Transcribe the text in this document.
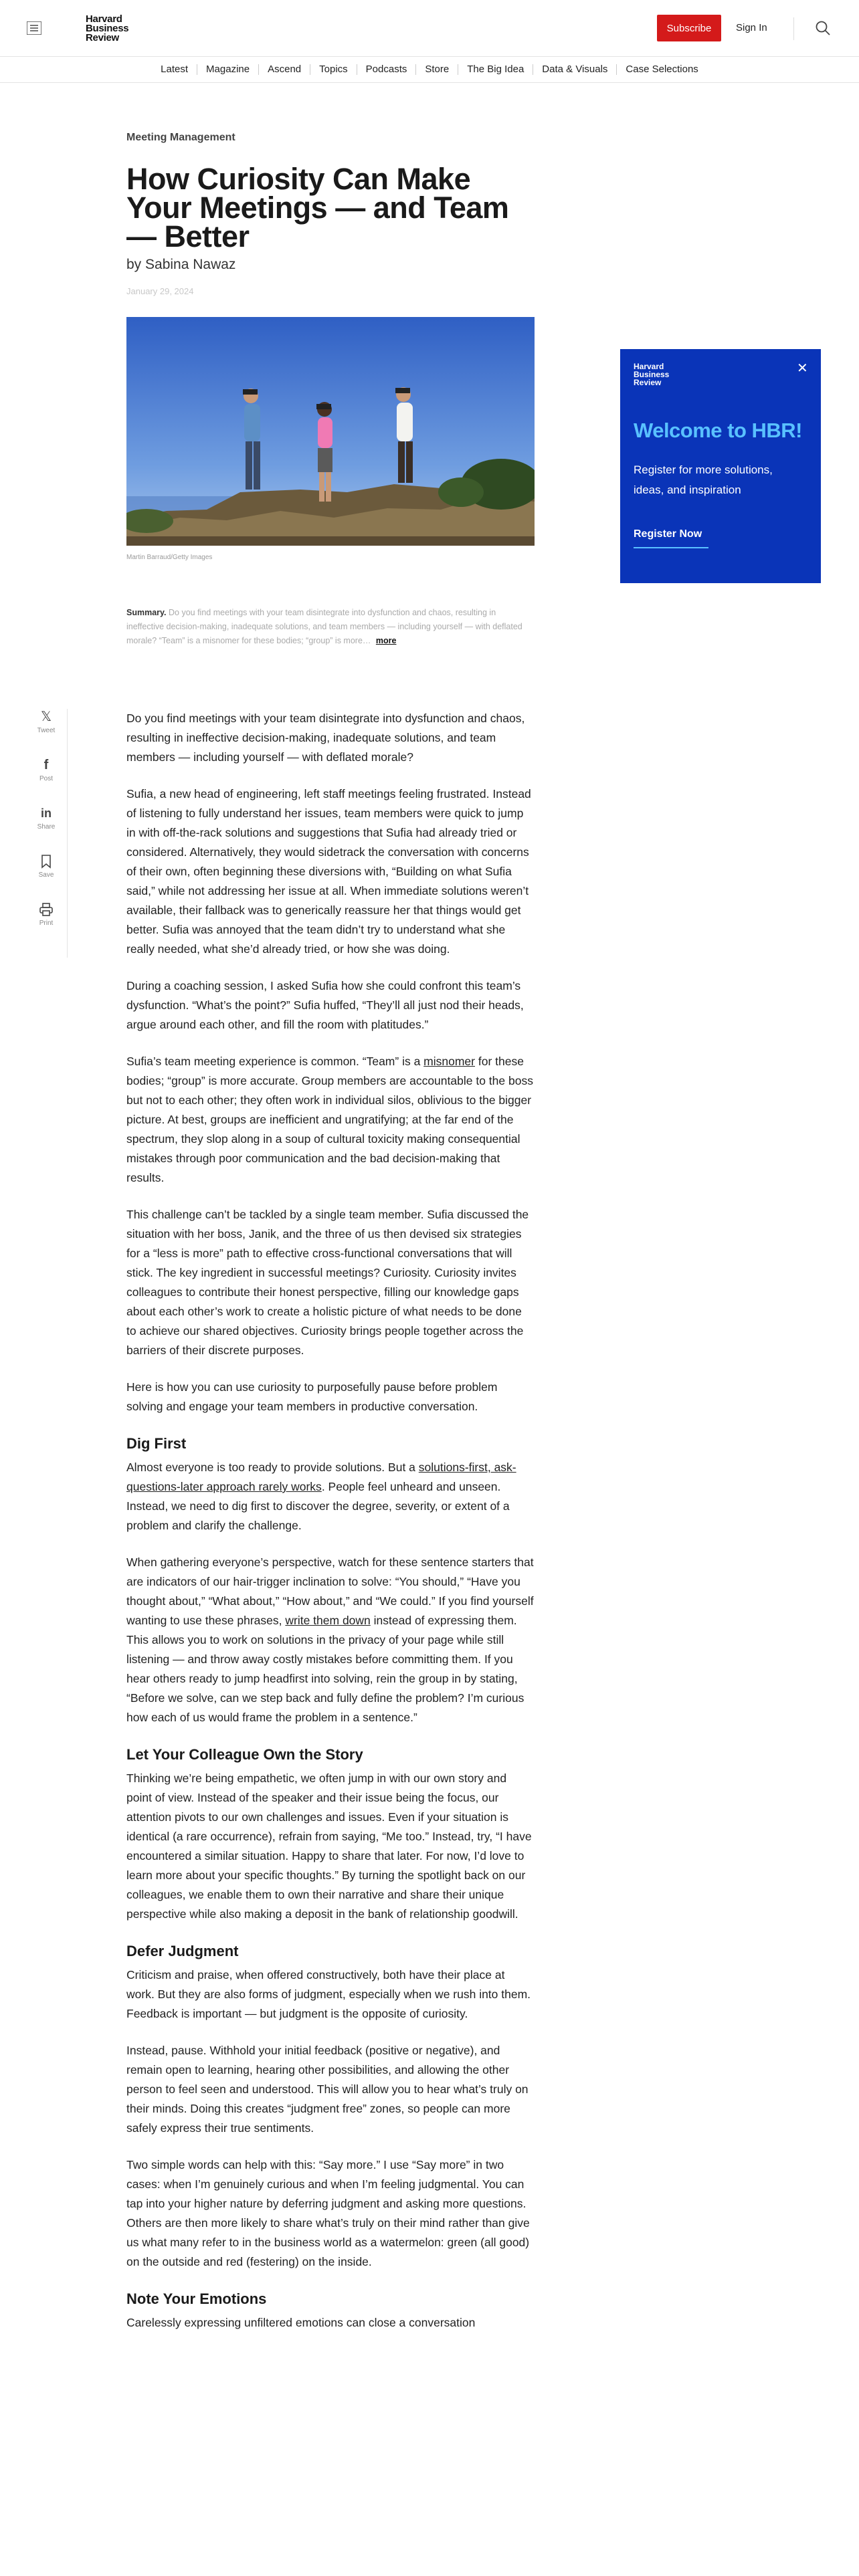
Harvard
Business
Review
Subscribe	Sign In
Latest	Magazine	Ascend	Topics	Podcasts	Store	The Big Idea	Data & Visuals	Case Selections
Meeting Management
How Curiosity Can Make Your Meetings — and Team — Better
by Sabina Nawaz
January 29, 2024
Martin Barraud/Getty Images
Summary. Do you find meetings with your team disintegrate into dysfunction and chaos, resulting in ineffective decision-making, inadequate solutions, and team members — including yourself — with deflated morale? “Team” is a misnomer for these bodies; “group” is more… more
Harvard
Business
Review
✕
Welcome to HBR!
Register for more solutions, ideas, and inspiration
Register Now
𝕏
Tweet
f
Post
in
Share
Save
Print

Do you find meetings with your team disintegrate into dysfunction and chaos, resulting in ineffective decision-making, inadequate solutions, and team members — including yourself — with deflated morale?

Sufia, a new head of engineering, left staff meetings feeling frustrated. Instead of listening to fully understand her issues, team members were quick to jump in with off-the-rack solutions and suggestions that Sufia had already tried or considered. Alternatively, they would sidetrack the conversation with concerns of their own, often beginning these diversions with, “Building on what Sufia said,” while not addressing her issue at all. When immediate solutions weren’t available, their fallback was to generically reassure her that things would get better. Sufia was annoyed that the team didn’t try to understand what she really needed, what she’d already tried, or how she was doing.

During a coaching session, I asked Sufia how she could confront this team’s dysfunction. “What’s the point?” Sufia huffed, “They’ll all just nod their heads, argue around each other, and fill the room with platitudes.”

Sufia’s team meeting experience is common. “Team” is a misnomer for these bodies; “group” is more accurate. Group members are accountable to the boss but not to each other; they often work in individual silos, oblivious to the bigger picture. At best, groups are inefficient and ungratifying; at the far end of the spectrum, they slop along in a soup of cultural toxicity making consequential mistakes through poor communication and the bad decision-making that results.

This challenge can’t be tackled by a single team member. Sufia discussed the situation with her boss, Janik, and the three of us then devised six strategies for a “less is more” path to effective cross-functional conversations that will stick. The key ingredient in successful meetings? Curiosity. Curiosity invites colleagues to contribute their honest perspective, filling our knowledge gaps about each other’s work to create a holistic picture of what needs to be done to achieve our shared objectives. Curiosity brings people together across the barriers of their discrete purposes.

Here is how you can use curiosity to purposefully pause before problem solving and engage your team members in productive conversation.

Dig First

Almost everyone is too ready to provide solutions. But a solutions-first, ask-questions-later approach rarely works. People feel unheard and unseen. Instead, we need to dig first to discover the degree, severity, or extent of a problem and clarify the challenge.

When gathering everyone’s perspective, watch for these sentence starters that are indicators of our hair-trigger inclination to solve: “You should,” “Have you thought about,” “What about,” “How about,” and “We could.” If you find yourself wanting to use these phrases, write them down instead of expressing them. This allows you to work on solutions in the privacy of your page while still listening — and throw away costly mistakes before committing them. If you hear others ready to jump headfirst into solving, rein the group in by stating, “Before we solve, can we step back and fully define the problem? I’m curious how each of us would frame the problem in a sentence.”

Let Your Colleague Own the Story

Thinking we’re being empathetic, we often jump in with our own story and point of view. Instead of the speaker and their issue being the focus, our attention pivots to our own challenges and issues. Even if your situation is identical (a rare occurrence), refrain from saying, “Me too.” Instead, try, “I have encountered a similar situation. Happy to share that later. For now, I’d love to learn more about your specific thoughts.” By turning the spotlight back on our colleagues, we enable them to own their narrative and share their unique perspective while also making a deposit in the bank of relationship goodwill.

Defer Judgment

Criticism and praise, when offered constructively, both have their place at work. But they are also forms of judgment, especially when we rush into them. Feedback is important — but judgment is the opposite of curiosity.

Instead, pause. Withhold your initial feedback (positive or negative), and remain open to learning, hearing other possibilities, and allowing the other person to feel seen and understood. This will allow you to hear what’s truly on their minds. Doing this creates “judgment free” zones, so people can more safely express their true sentiments.

Two simple words can help with this: “Say more.” I use “Say more” in two cases: when I’m genuinely curious and when I’m feeling judgmental. You can tap into your higher nature by deferring judgment and asking more questions. Others are then more likely to share what’s truly on their mind rather than give us what many refer to in the business world as a watermelon: green (all good) on the outside and red (festering) on the inside.

Note Your Emotions

Carelessly expressing unfiltered emotions can close a conversation
